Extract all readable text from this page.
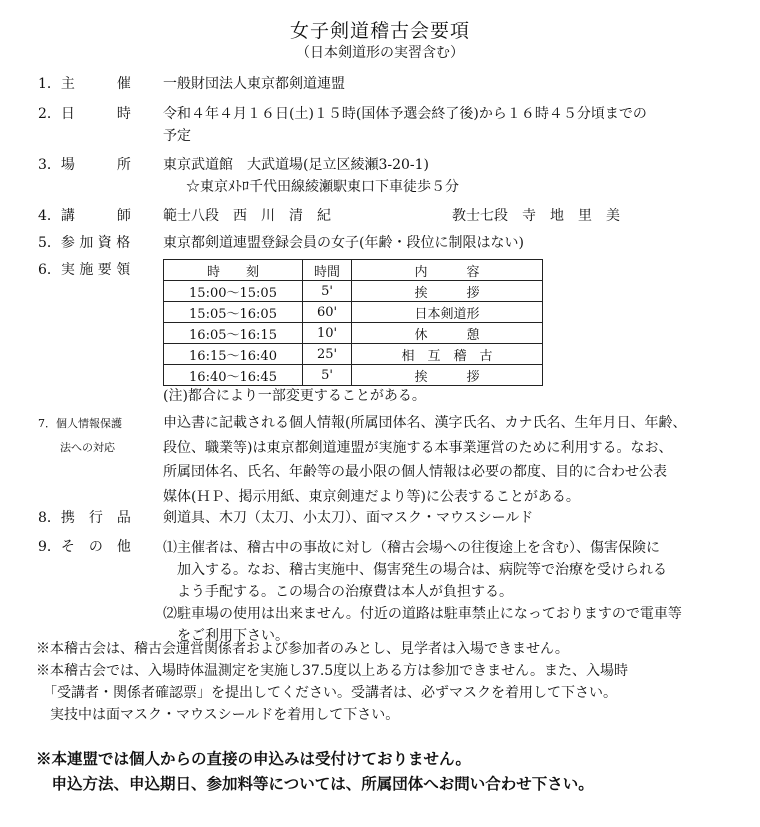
女子剣道稽古会要項
（日本剣道形の実習含む）
1．主　　　催	一般財団法人東京都剣道連盟
2．日　　　時	令和４年４月１６日(土)１５時(国体予選会終了後)から１６時４５分頃までの
予定
3．場　　　所	東京武道館　大武道場(足立区綾瀬3-20-1)
☆東京ﾒﾄﾛ千代田線綾瀬駅東口下車徒歩５分
4．講　　　師	範士八段　西　川　清　紀	教士七段　寺　地　里　美
5．参 加 資 格	東京都剣道連盟登録会員の女子(年齢・段位に制限はない)
6．実 施 要 領	時　　刻	時間	内　　　容
15:00～15:05	5'	挨　　　拶
15:05～16:05	60'	日本剣道形
16:05～16:15	10'	休　　　憩
16:15～16:40	25'	相　互　稽　古
16:40～16:45	5'	挨　　　拶
(注)都合により一部変更することがある。
7．個人情報保護
法への対応
申込書に記載される個人情報(所属団体名、漢字氏名、カナ氏名、生年月日、年齢、
段位、職業等)は東京都剣道連盟が実施する本事業運営のために利用する。なお、
所属団体名、氏名、年齢等の最小限の個人情報は必要の都度、目的に合わせ公表
媒体(ＨＰ、掲示用紙、東京剣連だより等)に公表することがある。
8．携　行　品	剣道具、木刀（太刀、小太刀）、面マスク・マウスシールド
9．そ　の　他	⑴主催者は、稽古中の事故に対し（稽古会場への往復途上を含む）、傷害保険に
　加入する。なお、稽古実施中、傷害発生の場合は、病院等で治療を受けられる
　よう手配する。この場合の治療費は本人が負担する。
⑵駐車場の使用は出来ません。付近の道路は駐車禁止になっておりますので電車等
　をご利用下さい。
※本稽古会は、稽古会運営関係者および参加者のみとし、見学者は入場できません。
※本稽古会では、入場時体温測定を実施し37.5度以上ある方は参加できません。また、入場時
　「受講者・関係者確認票」を提出してください。受講者は、必ずマスクを着用して下さい。
　実技中は面マスク・マウスシールドを着用して下さい。
※本連盟では個人からの直接の申込みは受付けておりません。
　申込方法、申込期日、参加料等については、所属団体へお問い合わせ下さい。
